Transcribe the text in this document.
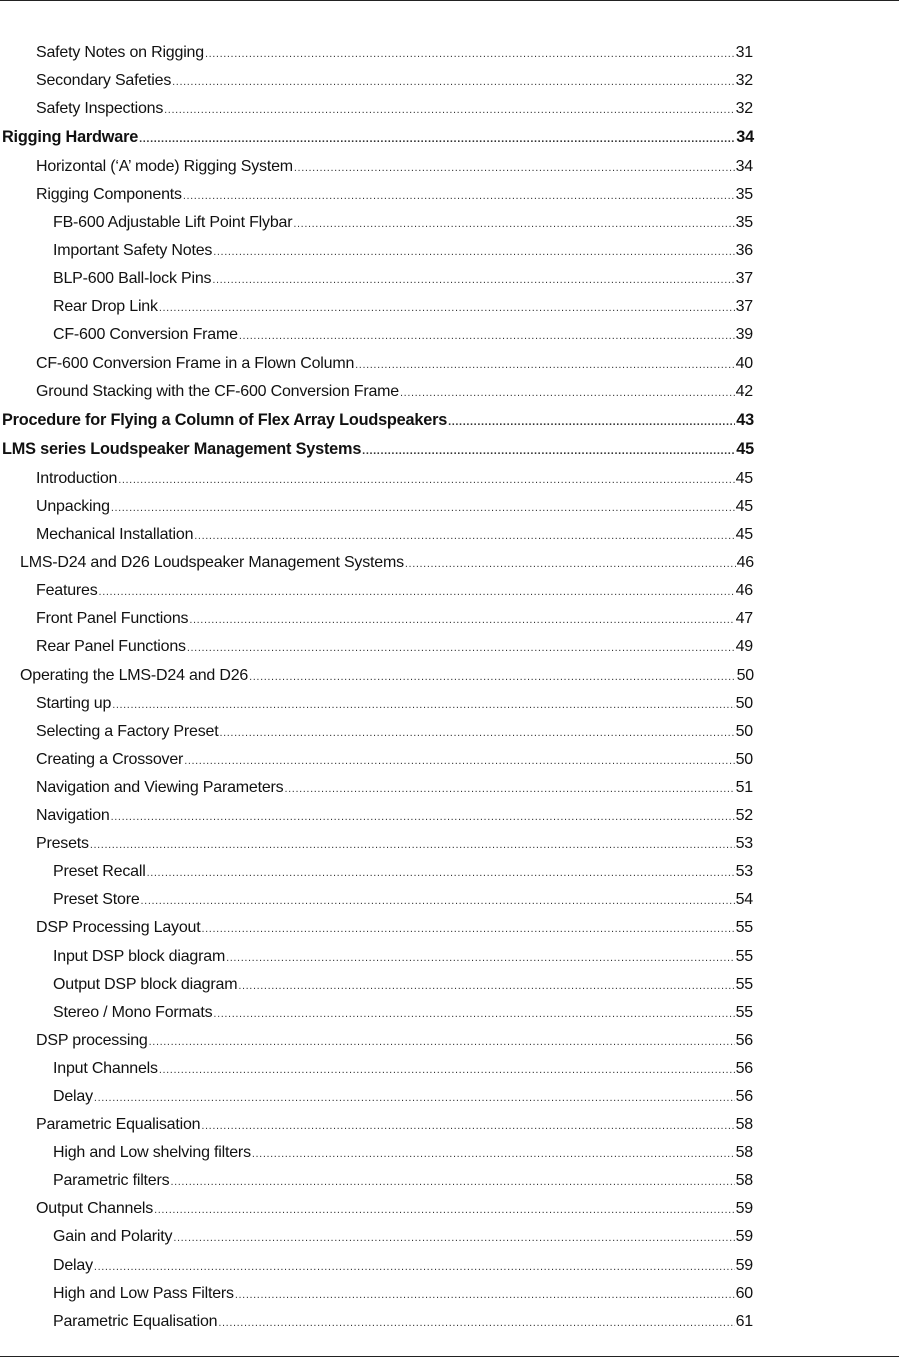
Safety Notes on Rigging .....	31
Secondary Safeties .....	32
Safety Inspections .....	32
Rigging Hardware .....	34
Horizontal (‘A’ mode) Rigging System .....	34
Rigging Components .....	35
FB-600 Adjustable Lift Point Flybar .....	35
Important Safety Notes .....	36
BLP-600 Ball-lock Pins .....	37
Rear Drop Link .....	37
CF-600 Conversion Frame .....	39
CF-600 Conversion Frame in a Flown Column .....	40
Ground Stacking with the CF-600 Conversion Frame .....	42
Procedure for Flying a Column of Flex Array Loudspeakers .....	43
LMS series Loudspeaker Management Systems .....	45
Introduction .....	45
Unpacking .....	45
Mechanical Installation .....	45
LMS-D24 and D26 Loudspeaker Management Systems .....	46
Features .....	46
Front Panel Functions .....	47
Rear Panel Functions .....	49
Operating the LMS-D24 and D26 .....	50
Starting up .....	50
Selecting a Factory Preset .....	50
Creating a Crossover .....	50
Navigation and Viewing Parameters .....	51
Navigation .....	52
Presets .....	53
Preset Recall .....	53
Preset Store .....	54
DSP Processing Layout .....	55
Input DSP block diagram .....	55
Output DSP block diagram .....	55
Stereo / Mono Formats .....	55
DSP processing .....	56
Input Channels .....	56
Delay .....	56
Parametric Equalisation .....	58
High and Low shelving filters .....	58
Parametric filters .....	58
Output Channels .....	59
Gain and Polarity .....	59
Delay .....	59
High and Low Pass Filters .....	60
Parametric Equalisation .....	61
